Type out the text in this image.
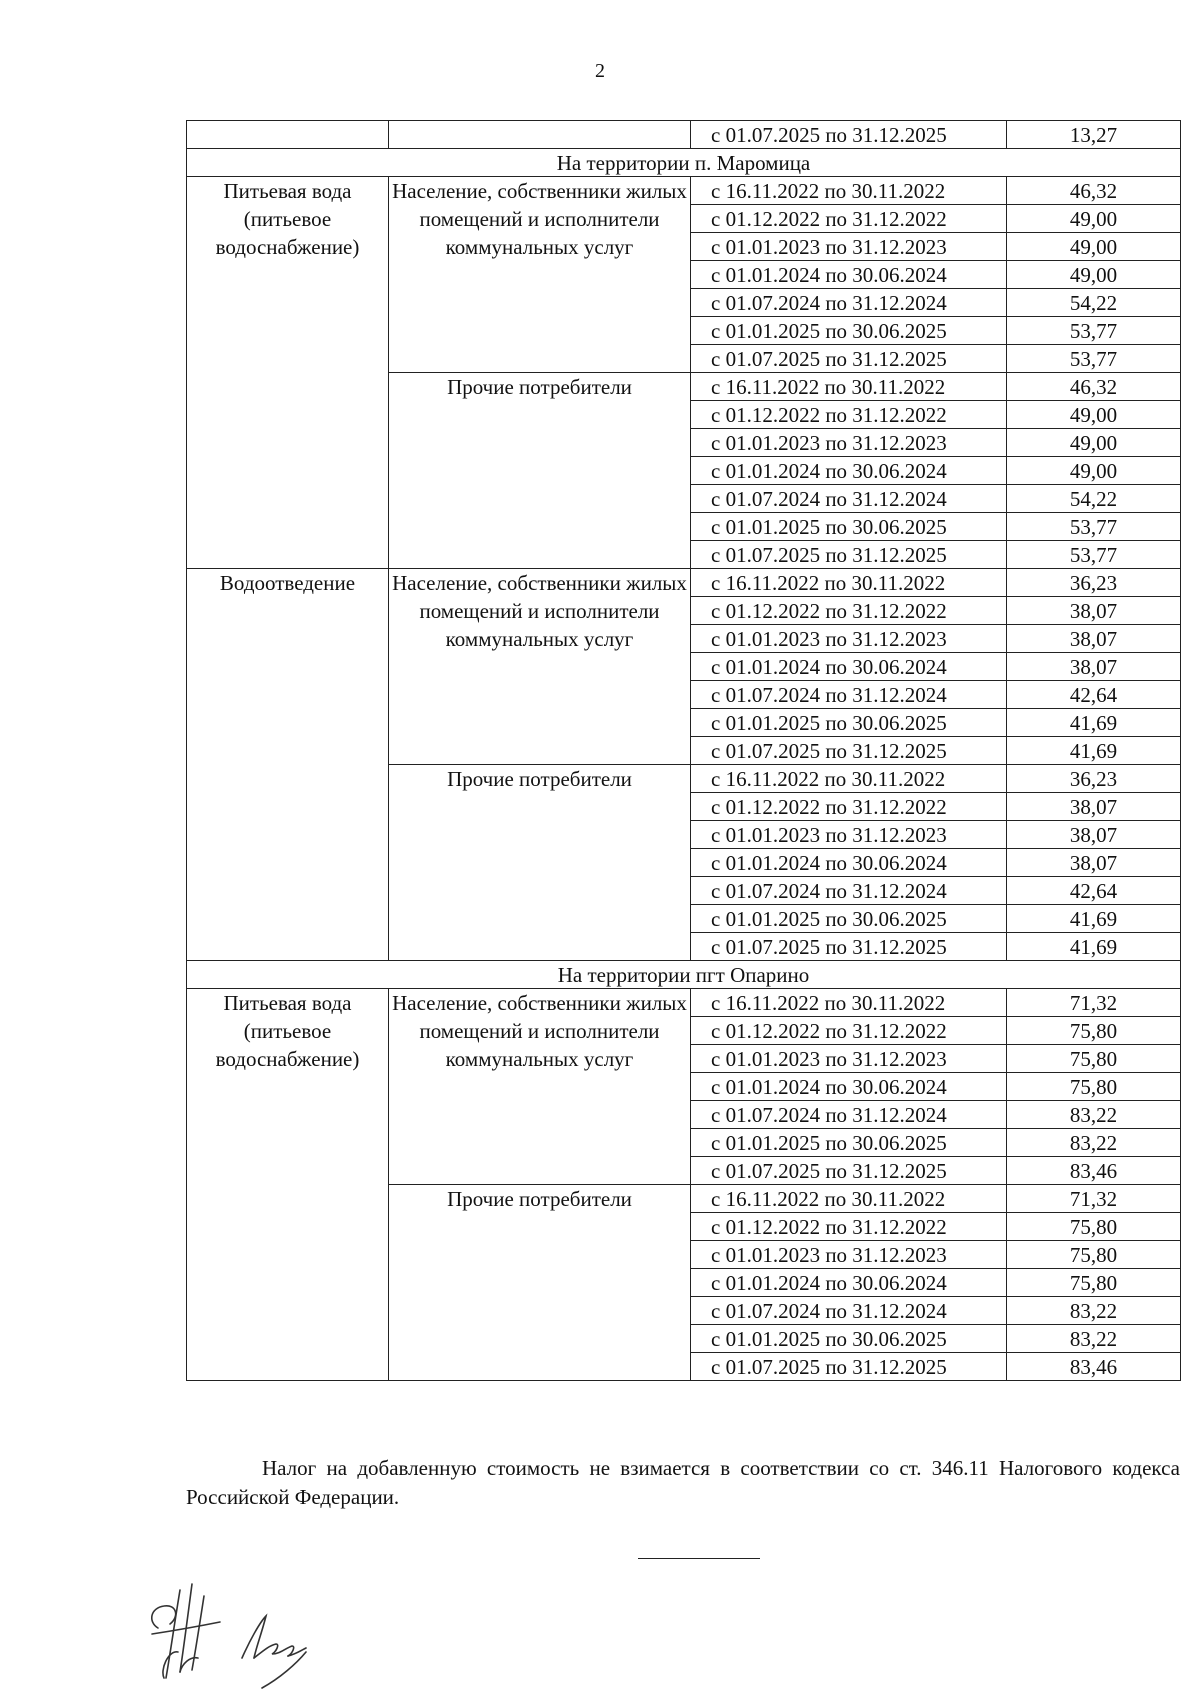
2
		с 01.07.2025 по 31.12.2025	13,27
На территории п. Маромица			
Питьевая вода (питьевое водоснабжение)	Население, собственники жилых помещений и исполнители коммунальных услуг	с 16.11.2022 по 30.11.2022	46,32
		с 01.12.2022 по 31.12.2022	49,00
		с 01.01.2023 по 31.12.2023	49,00
		с 01.01.2024 по 30.06.2024	49,00
		с 01.07.2024 по 31.12.2024	54,22
		с 01.01.2025 по 30.06.2025	53,77
		с 01.07.2025 по 31.12.2025	53,77
	Прочие потребители	с 16.11.2022 по 30.11.2022	46,32
		с 01.12.2022 по 31.12.2022	49,00
		с 01.01.2023 по 31.12.2023	49,00
		с 01.01.2024 по 30.06.2024	49,00
		с 01.07.2024 по 31.12.2024	54,22
		с 01.01.2025 по 30.06.2025	53,77
		с 01.07.2025 по 31.12.2025	53,77
Водоотведение	Население, собственники жилых помещений и исполнители коммунальных услуг	с 16.11.2022 по 30.11.2022	36,23
		с 01.12.2022 по 31.12.2022	38,07
		с 01.01.2023 по 31.12.2023	38,07
		с 01.01.2024 по 30.06.2024	38,07
		с 01.07.2024 по 31.12.2024	42,64
		с 01.01.2025 по 30.06.2025	41,69
		с 01.07.2025 по 31.12.2025	41,69
	Прочие потребители	с 16.11.2022 по 30.11.2022	36,23
		с 01.12.2022 по 31.12.2022	38,07
		с 01.01.2023 по 31.12.2023	38,07
		с 01.01.2024 по 30.06.2024	38,07
		с 01.07.2024 по 31.12.2024	42,64
		с 01.01.2025 по 30.06.2025	41,69
		с 01.07.2025 по 31.12.2025	41,69
На территории пгт Опарино			
Питьевая вода (питьевое водоснабжение)	Население, собственники жилых помещений и исполнители коммунальных услуг	с 16.11.2022 по 30.11.2022	71,32
		с 01.12.2022 по 31.12.2022	75,80
		с 01.01.2023 по 31.12.2023	75,80
		с 01.01.2024 по 30.06.2024	75,80
		с 01.07.2024 по 31.12.2024	83,22
		с 01.01.2025 по 30.06.2025	83,22
		с 01.07.2025 по 31.12.2025	83,46
	Прочие потребители	с 16.11.2022 по 30.11.2022	71,32
		с 01.12.2022 по 31.12.2022	75,80
		с 01.01.2023 по 31.12.2023	75,80
		с 01.01.2024 по 30.06.2024	75,80
		с 01.07.2024 по 31.12.2024	83,22
		с 01.01.2025 по 30.06.2025	83,22
		с 01.07.2025 по 31.12.2025	83,46

Налог на добавленную стоимость не взимается в соответствии со ст. 346.11 Налогового кодекса Российской Федерации.
